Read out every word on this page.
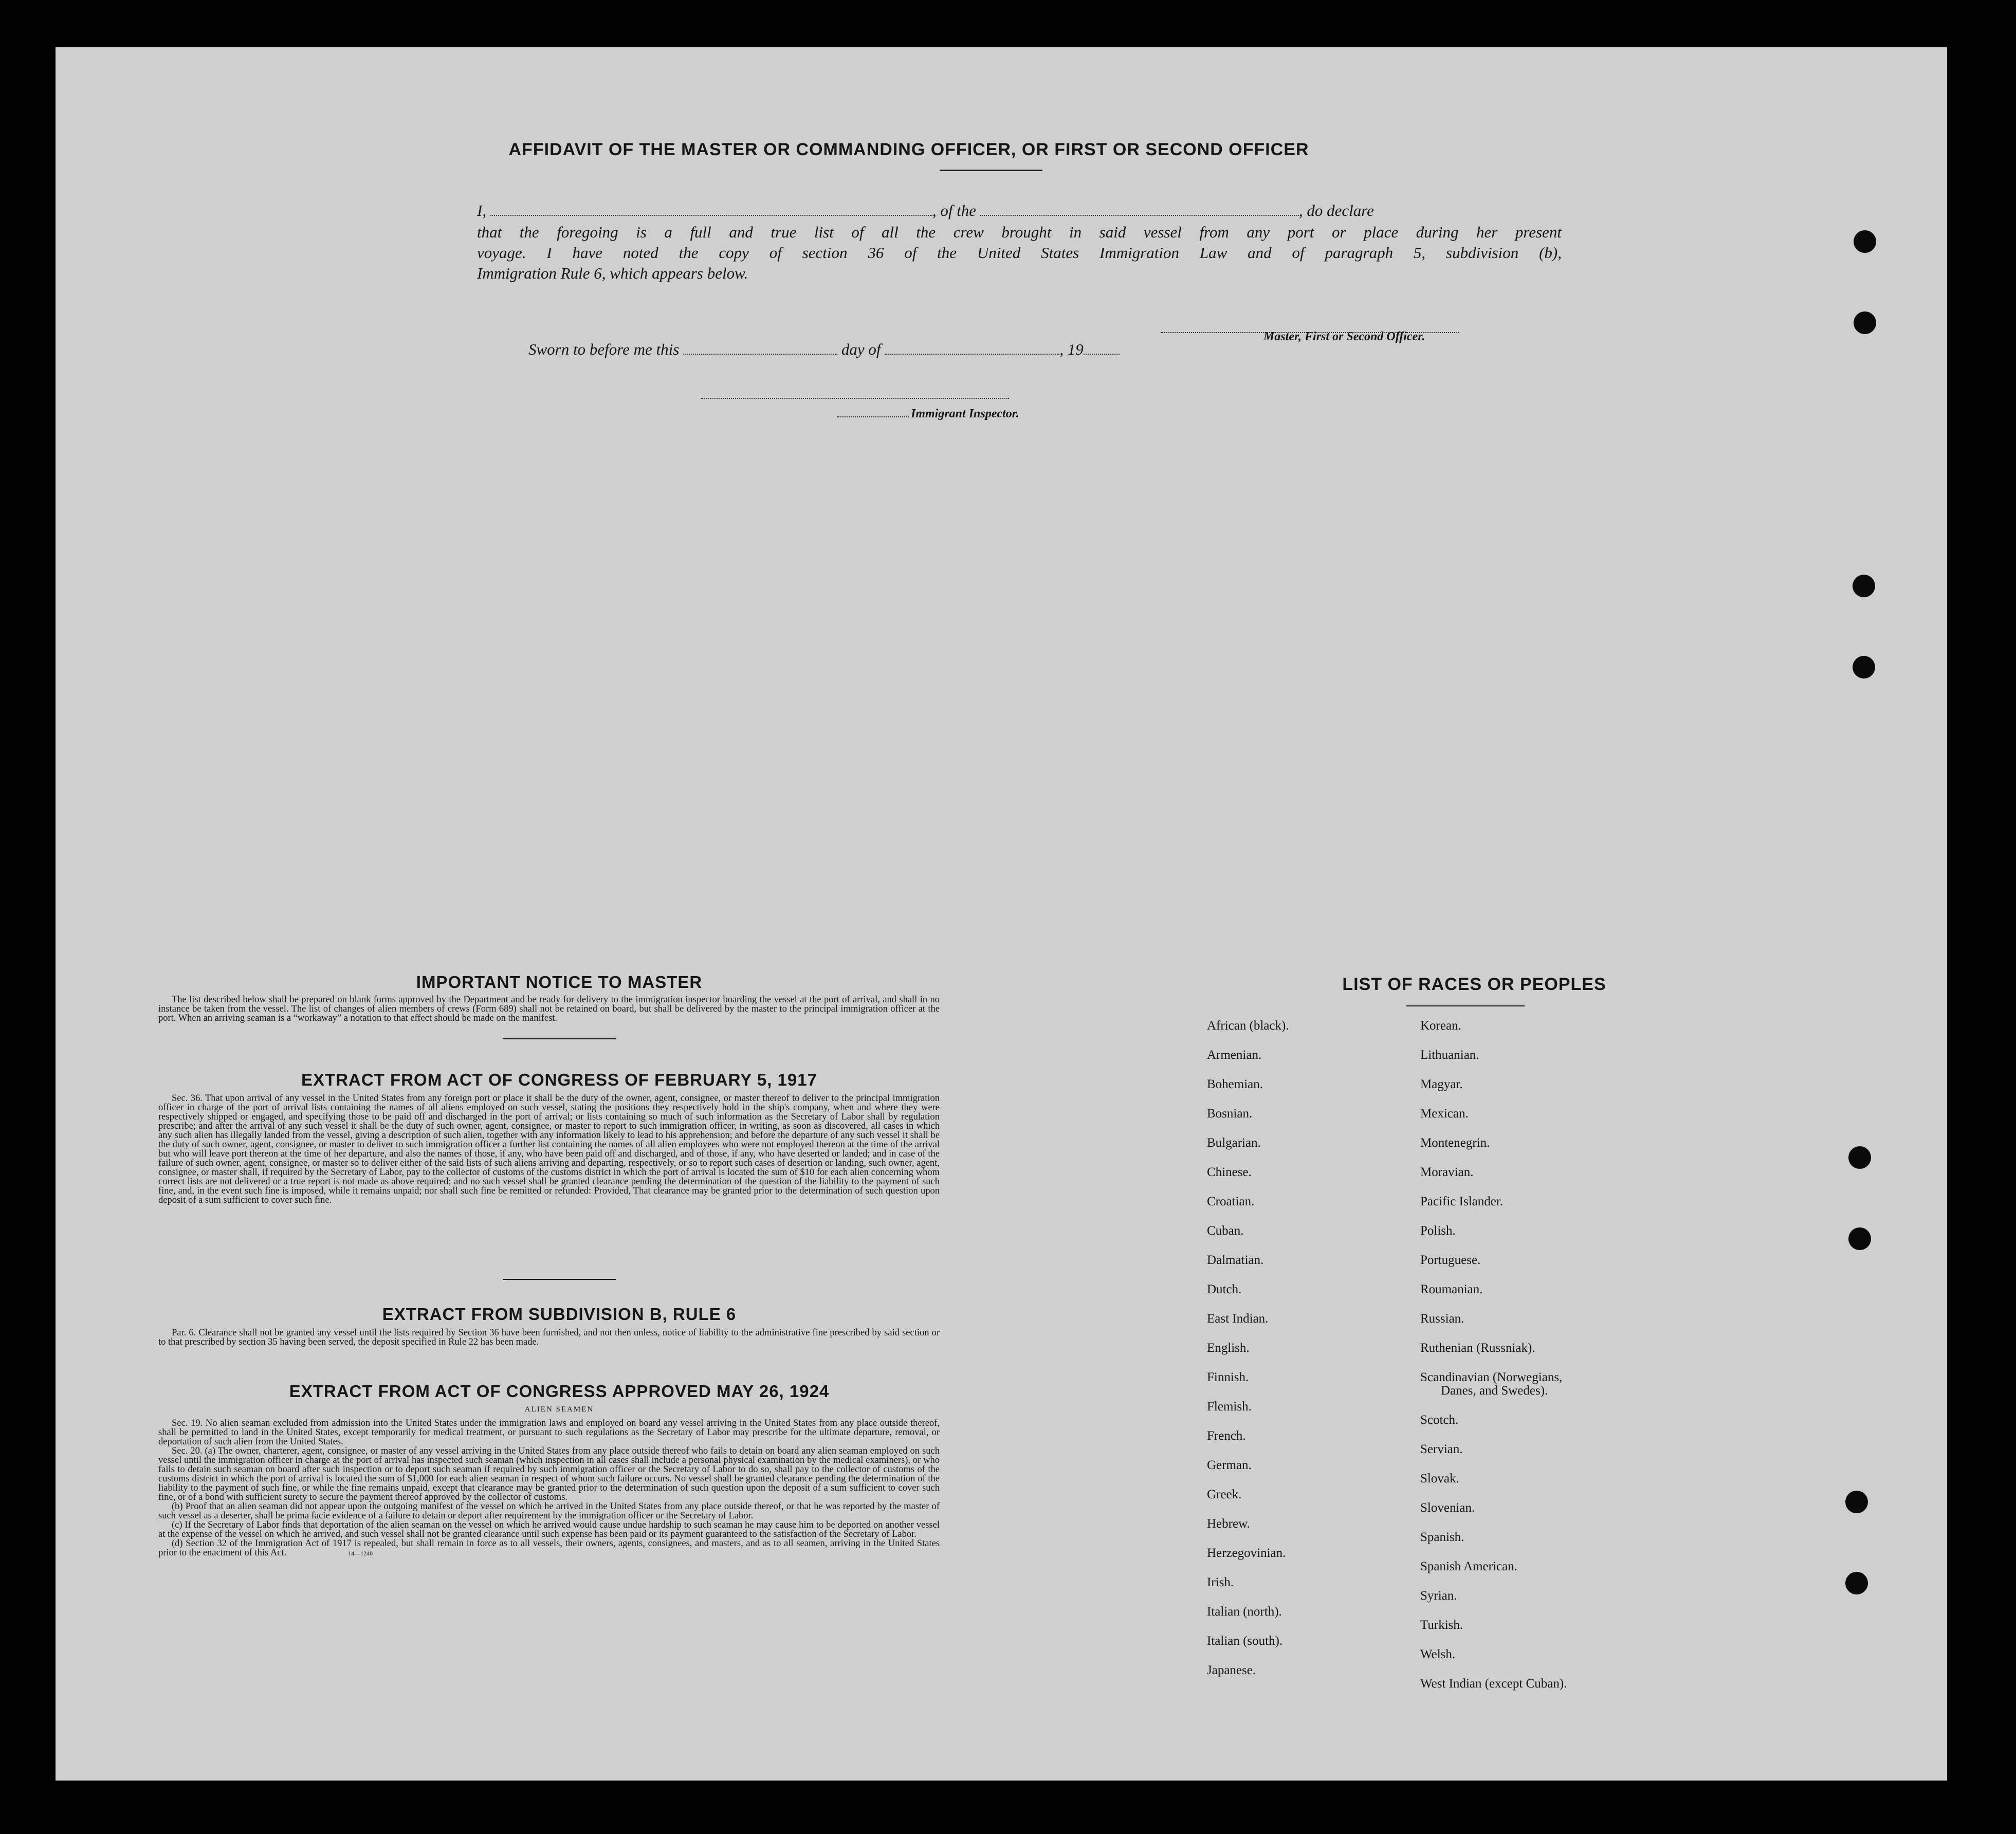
AFFIDAVIT OF THE MASTER OR COMMANDING OFFICER, OR FIRST OR SECOND OFFICER
I,	, of the	, do declare
that the foregoing is a full and true list of all the crew brought in said vessel from any port or place during her present
voyage. I have noted the copy of section 36 of the United States Immigration Law and of paragraph 5, subdivision (b),
Immigration Rule 6, which appears below.
Master, First or Second Officer.
Sworn to before me this	day of	, 19
Immigrant Inspector.
IMPORTANT NOTICE TO MASTER
The list described below shall be prepared on blank forms approved by the Department and be ready for delivery to the immigration inspector boarding the vessel at the port of arrival, and shall in no instance be taken from the vessel. The list of changes of alien members of crews (Form 689) shall not be retained on board, but shall be delivered by the master to the principal immigration officer at the port. When an arriving seaman is a “workaway” a notation to that effect should be made on the manifest.
EXTRACT FROM ACT OF CONGRESS OF FEBRUARY 5, 1917
Sec. 36. That upon arrival of any vessel in the United States from any foreign port or place it shall be the duty of the owner, agent, consignee, or master thereof to deliver to the principal immigration officer in charge of the port of arrival lists containing the names of all aliens employed on such vessel, stating the positions they respectively hold in the ship's company, when and where they were respectively shipped or engaged, and specifying those to be paid off and discharged in the port of arrival; or lists containing so much of such information as the Secretary of Labor shall by regulation prescribe; and after the arrival of any such vessel it shall be the duty of such owner, agent, consignee, or master to report to such immigration officer, in writing, as soon as discovered, all cases in which any such alien has illegally landed from the vessel, giving a description of such alien, together with any information likely to lead to his apprehension; and before the departure of any such vessel it shall be the duty of such owner, agent, consignee, or master to deliver to such immigration officer a further list containing the names of all alien employees who were not employed thereon at the time of the arrival but who will leave port thereon at the time of her departure, and also the names of those, if any, who have been paid off and discharged, and of those, if any, who have deserted or landed; and in case of the failure of such owner, agent, consignee, or master so to deliver either of the said lists of such aliens arriving and departing, respectively, or so to report such cases of desertion or landing, such owner, agent, consignee, or master shall, if required by the Secretary of Labor, pay to the collector of customs of the customs district in which the port of arrival is located the sum of $10 for each alien concerning whom correct lists are not delivered or a true report is not made as above required; and no such vessel shall be granted clearance pending the determination of the question of the liability to the payment of such fine, and, in the event such fine is imposed, while it remains unpaid; nor shall such fine be remitted or refunded: Provided, That clearance may be granted prior to the determination of such question upon deposit of a sum sufficient to cover such fine.
EXTRACT FROM SUBDIVISION B, RULE 6
Par. 6. Clearance shall not be granted any vessel until the lists required by Section 36 have been furnished, and not then unless, notice of liability to the administrative fine prescribed by said section or to that prescribed by section 35 having been served, the deposit specified in Rule 22 has been made.
EXTRACT FROM ACT OF CONGRESS APPROVED MAY 26, 1924
ALIEN SEAMEN
Sec. 19. No alien seaman excluded from admission into the United States under the immigration laws and employed on board any vessel arriving in the United States from any place outside thereof, shall be permitted to land in the United States, except temporarily for medical treatment, or pursuant to such regulations as the Secretary of Labor may prescribe for the ultimate departure, removal, or deportation of such alien from the United States.
Sec. 20. (a) The owner, charterer, agent, consignee, or master of any vessel arriving in the United States from any place outside thereof who fails to detain on board any alien seaman employed on such vessel until the immigration officer in charge at the port of arrival has inspected such seaman (which inspection in all cases shall include a personal physical examination by the medical examiners), or who fails to detain such seaman on board after such inspection or to deport such seaman if required by such immigration officer or the Secretary of Labor to do so, shall pay to the collector of customs of the customs district in which the port of arrival is located the sum of $1,000 for each alien seaman in respect of whom such failure occurs. No vessel shall be granted clearance pending the determination of the liability to the payment of such fine, or while the fine remains unpaid, except that clearance may be granted prior to the determination of such question upon the deposit of a sum sufficient to cover such fine, or of a bond with sufficient surety to secure the payment thereof approved by the collector of customs.
(b) Proof that an alien seaman did not appear upon the outgoing manifest of the vessel on which he arrived in the United States from any place outside thereof, or that he was reported by the master of such vessel as a deserter, shall be prima facie evidence of a failure to detain or deport after requirement by the immigration officer or the Secretary of Labor.
(c) If the Secretary of Labor finds that deportation of the alien seaman on the vessel on which he arrived would cause undue hardship to such seaman he may cause him to be deported on another vessel at the expense of the vessel on which he arrived, and such vessel shall not be granted clearance until such expense has been paid or its payment guaranteed to the satisfaction of the Secretary of Labor.
(d) Section 32 of the Immigration Act of 1917 is repealed, but shall remain in force as to all vessels, their owners, agents, consignees, and masters, and as to all seamen, arriving in the United States prior to the enactment of this Act.	14—1240
LIST OF RACES OR PEOPLES
African (black).
Armenian.
Bohemian.
Bosnian.
Bulgarian.
Chinese.
Croatian.
Cuban.
Dalmatian.
Dutch.
East Indian.
English.
Finnish.
Flemish.
French.
German.
Greek.
Hebrew.
Herzegovinian.
Irish.
Italian (north).
Italian (south).
Japanese.
Korean.
Lithuanian.
Magyar.
Mexican.
Montenegrin.
Moravian.
Pacific Islander.
Polish.
Portuguese.
Roumanian.
Russian.
Ruthenian (Russniak).
Scandinavian (Norwegians,
Danes, and Swedes).
Scotch.
Servian.
Slovak.
Slovenian.
Spanish.
Spanish American.
Syrian.
Turkish.
Welsh.
West Indian (except Cuban).
